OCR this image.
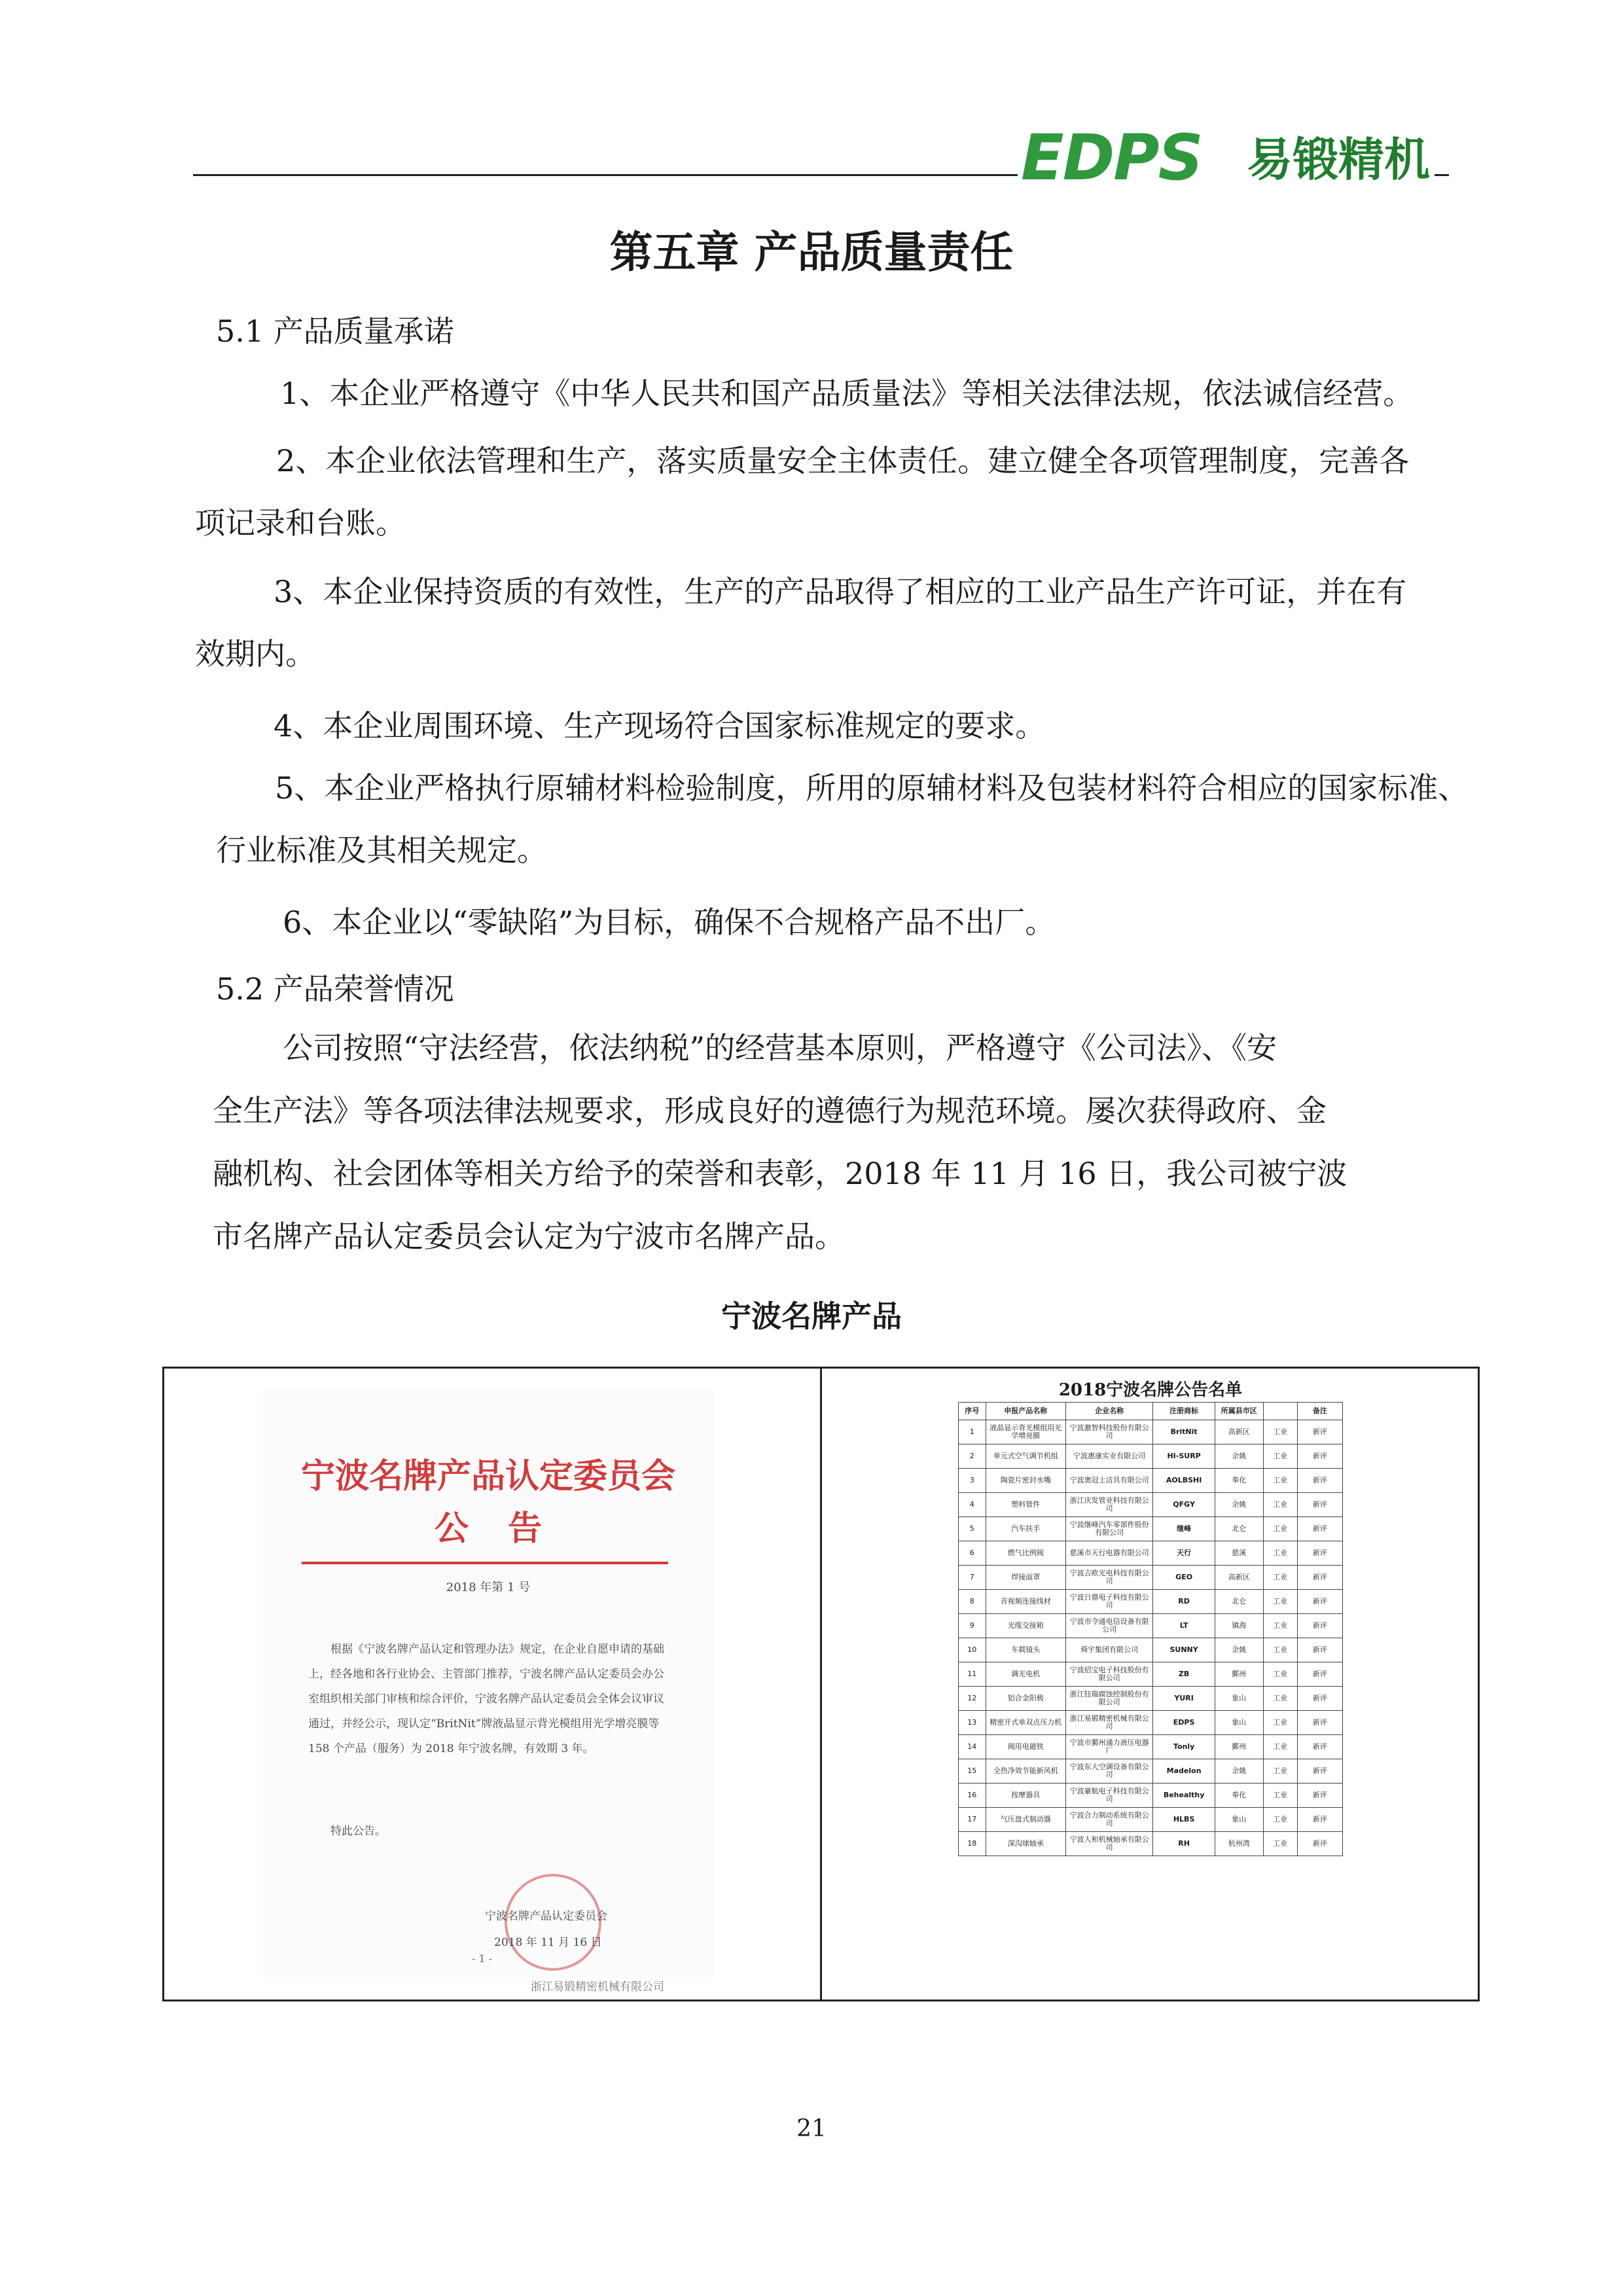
EDPS 易锻精机
第五章 产品质量责任
5.1 产品质量承诺
1、本企业严格遵守《中华人民共和国产品质量法》等相关法律法规，依法诚信经营。
2、本企业依法管理和生产，落实质量安全主体责任。建立健全各项管理制度，完善各
项记录和台账。
3、本企业保持资质的有效性，生产的产品取得了相应的工业产品生产许可证，并在有
效期内。
4、本企业周围环境、生产现场符合国家标准规定的要求。
5、本企业严格执行原辅材料检验制度，所用的原辅材料及包装材料符合相应的国家标准、
行业标准及其相关规定。
6、本企业以“零缺陷”为目标，确保不合规格产品不出厂。
5.2 产品荣誉情况
公司按照“守法经营，依法纳税”的经营基本原则，严格遵守《公司法》、《安
全生产法》等各项法律法规要求，形成良好的遵德行为规范环境。屡次获得政府、金
融机构、社会团体等相关方给予的荣誉和表彰，2018 年 11 月 16 日，我公司被宁波
市名牌产品认定委员会认定为宁波市名牌产品。
宁波名牌产品
宁波名牌产品认定委员会
公告
2018 年第 1 号
根据《宁波名牌产品认定和管理办法》规定，在企业自愿申请的基础上，经各地和各行业协会、主管部门推荐，宁波名牌产品认定委员会办公室组织相关部门审核和综合评价，宁波名牌产品认定委员会全体会议审议通过，并经公示，现认定“BritNit”牌液晶显示背光模组用光学增亮膜等 158 个产品（服务）为 2018 年宁波名牌，有效期 3 年。
特此公告。
宁波名牌产品认定委员会
2018 年 11 月 16 日
- 1 -
浙江易锻精密机械有限公司
2018宁波名牌公告名单
序号	申报产品名称	企业名称	注册商标	所属县市区		备注
1	液晶显示背光模组用光学增亮膜	宁波激智科技股份有限公司	BritNit	高新区	工业	新评
2	单元式空气调节机组	宁波惠康实业有限公司	HI-SURP	余姚	工业	新评
3	陶瓷片密封水嘴	宁波奥冠士洁具有限公司	AOLBSHI	奉化	工业	新评
4	塑料管件	浙江庆发管业科技有限公司	QFGY	余姚	工业	新评
5	汽车扶手	宁波继峰汽车零部件股份有限公司	继峰	北仑	工业	新评
6	燃气比例阀	慈溪市天行电器有限公司	天行	慈溪	工业	新评
7	焊接面罩	宁波吉欧光电科技有限公司	GEO	高新区	工业	新评
8	音视频连接线材	宁波日鼎电子科技有限公司	RD	北仑	工业	新评
9	光缆交接箱	宁波市令通电信设备有限公司	LT	镇海	工业	新评
10	车载镜头	舜宇集团有限公司	SUNNY	余姚	工业	新评
11	调光电机	宁波招宝电子科技股份有限公司	ZB	鄞州	工业	新评
12	铝合金阳极	浙江钰瑞腐蚀控制股份有限公司	YURI	象山	工业	新评
13	精密开式单双点压力机	浙江易锻精密机械有限公司	EDPS	象山	工业	新评
14	阀用电磁铁	宁波市鄞州通力液压电器厂	Tonly	鄞州	工业	新评
15	全热净效节能新风机	宁波东大空调设备有限公司	Madelon	余姚	工业	新评
16	按摩器具	宁波豪航电子科技有限公司	Behealthy	奉化	工业	新评
17	气压盘式制动器	宁波合力制动系统有限公司	HLBS	象山	工业	新评
18	深沟球轴承	宁波人和机械轴承有限公司	RH	杭州湾	工业	新评
21
